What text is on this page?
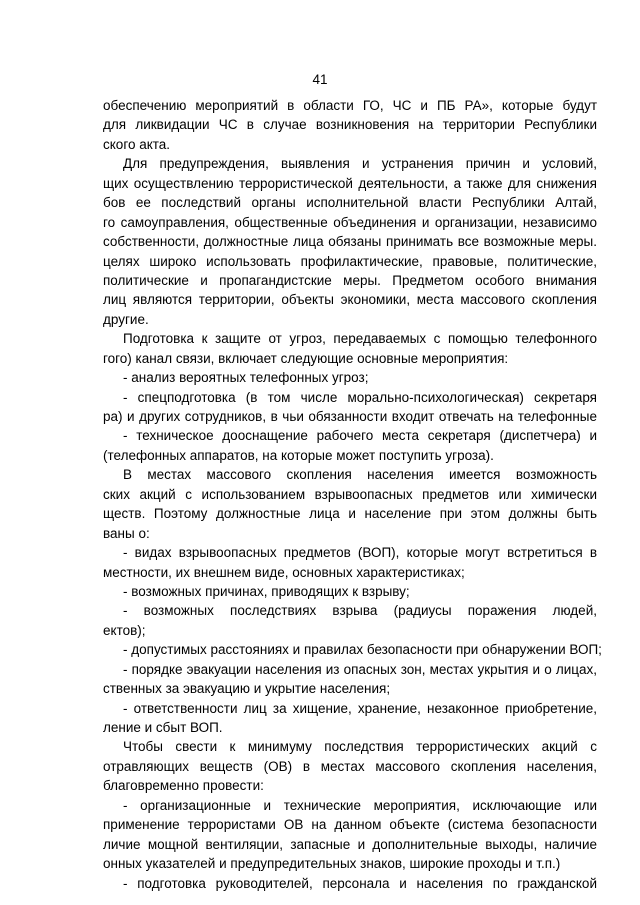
41
обеспечению мероприятий в области ГО, ЧС и ПБ РА», которые будут
для ликвидации ЧС в случае возникновения на территории Республики
ского акта.
Для предупреждения, выявления и устранения причин и условий,
щих осуществлению террористической деятельности, а также для снижения
бов ее последствий органы исполнительной власти Республики Алтай,
го самоуправления, общественные объединения и организации, независимо
собственности, должностные лица обязаны принимать все возможные меры.
целях широко использовать профилактические, правовые, политические,
политические и пропагандистские меры. Предметом особого внимания
лиц являются территории, объекты экономики, места массового скопления
другие.
Подготовка к защите от угроз, передаваемых с помощью телефонного
гого) канал связи, включает следующие основные мероприятия:
- анализ вероятных телефонных угроз;
- спецподготовка (в том числе морально-психологическая) секретаря
ра) и других сотрудников, в чьи обязанности входит отвечать на телефонные
- техническое дооснащение рабочего места секретаря (диспетчера) и
(телефонных аппаратов, на которые может поступить угроза).
В местах массового скопления населения имеется возможность
ских акций с использованием взрывоопасных предметов или химически
ществ. Поэтому должностные лица и население при этом должны быть
ваны о:
- видах взрывоопасных предметов (ВОП), которые могут встретиться в
местности, их внешнем виде, основных характеристиках;
- возможных причинах, приводящих к взрыву;
- возможных последствиях взрыва (радиусы поражения людей,
ектов);
- допустимых расстояниях и правилах безопасности при обнаружении ВОП;
- порядке эвакуации населения из опасных зон, местах укрытия и о лицах,
ственных за эвакуацию и укрытие населения;
- ответственности лиц за хищение, хранение, незаконное приобретение,
ление и сбыт ВОП.
Чтобы свести к минимуму последствия террористических акций с
отравляющих веществ (ОВ) в местах массового скопления населения,
благовременно провести:
- организационные и технические мероприятия, исключающие или
применение террористами ОВ на данном объекте (система безопасности
личие мощной вентиляции, запасные и дополнительные выходы, наличие
онных указателей и предупредительных знаков, широкие проходы и т.п.)
- подготовка руководителей, персонала и населения по гражданской
